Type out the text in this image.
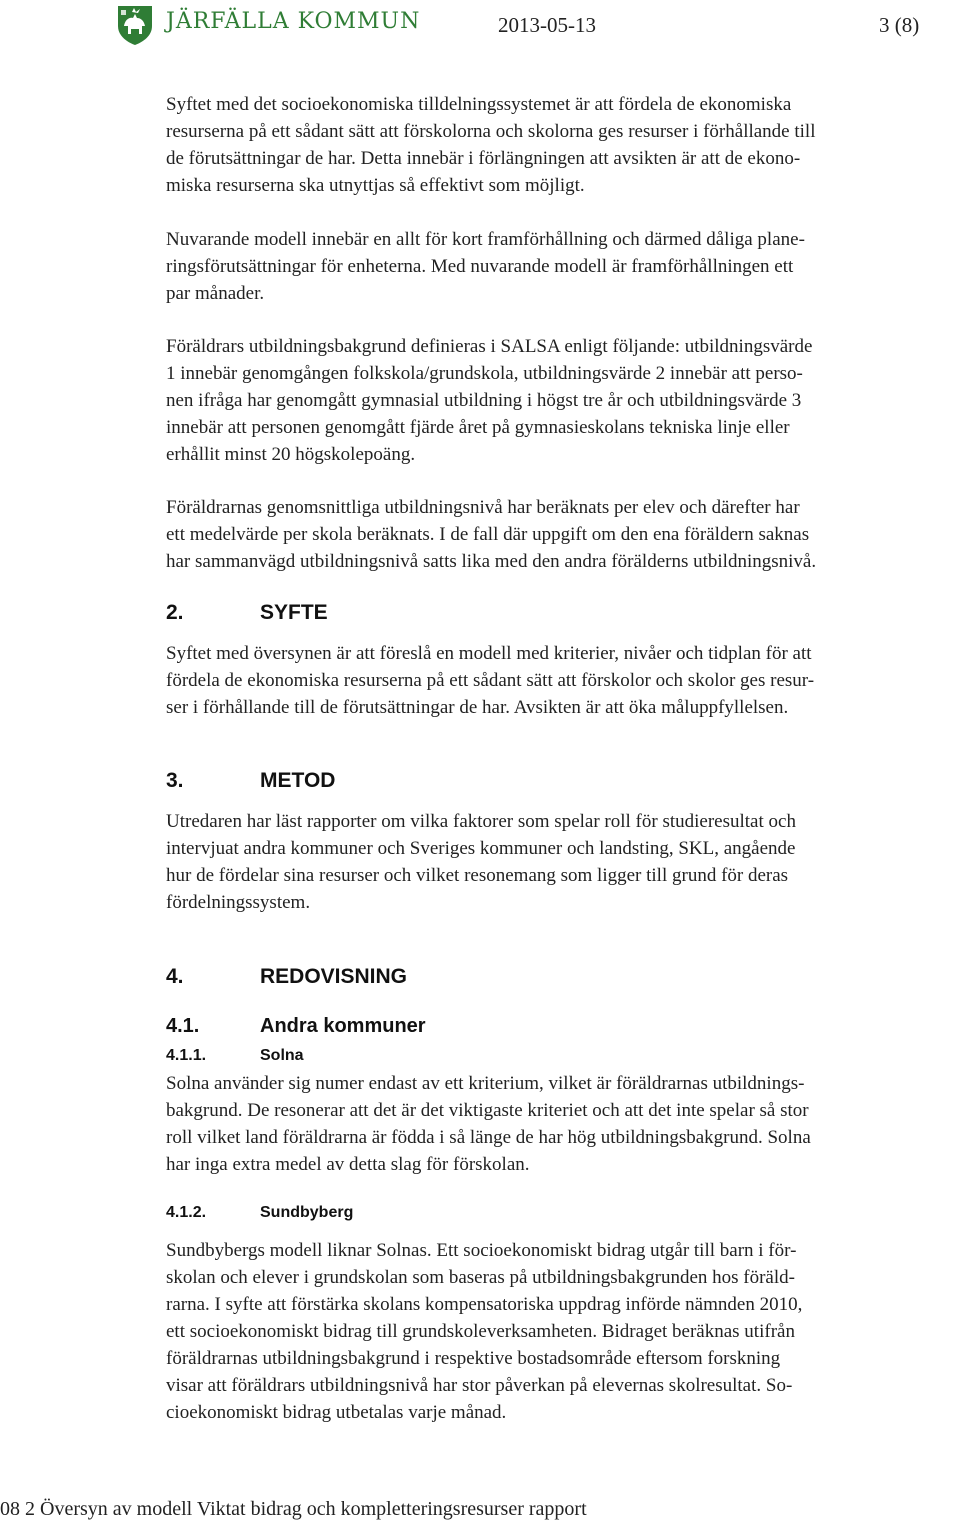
JÄRFÄLLA KOMMUN	2013-05-13	3 (8)
Syftet med det socioekonomiska tilldelningssystemet är att fördela de ekonomiska
resurserna på ett sådant sätt att förskolorna och skolorna ges resurser i förhållande till
de förutsättningar de har. Detta innebär i förlängningen att avsikten är att de ekono-
miska resurserna ska utnyttjas så effektivt som möjligt.
Nuvarande modell innebär en allt för kort framförhållning och därmed dåliga plane-
ringsförutsättningar för enheterna. Med nuvarande modell är framförhållningen ett
par månader.
Föräldrars utbildningsbakgrund definieras i SALSA enligt följande: utbildningsvärde
1 innebär genomgången folkskola/grundskola, utbildningsvärde 2 innebär att perso-
nen ifråga har genomgått gymnasial utbildning i högst tre år och utbildningsvärde 3
innebär att personen genomgått fjärde året på gymnasieskolans tekniska linje eller
erhållit minst 20 högskolepoäng.
Föräldrarnas genomsnittliga utbildningsnivå har beräknats per elev och därefter har
ett medelvärde per skola beräknats. I de fall där uppgift om den ena föräldern saknas
har sammanvägd utbildningsnivå satts lika med den andra förälderns utbildningsnivå.
2.	SYFTE
Syftet med översynen är att föreslå en modell med kriterier, nivåer och tidplan för att
fördela de ekonomiska resurserna på ett sådant sätt att förskolor och skolor ges resur-
ser i förhållande till de förutsättningar de har. Avsikten är att öka måluppfyllelsen.
3.	METOD
Utredaren har läst rapporter om vilka faktorer som spelar roll för studieresultat och
intervjuat andra kommuner och Sveriges kommuner och landsting, SKL, angående
hur de fördelar sina resurser och vilket resonemang som ligger till grund för deras
fördelningssystem.
4.	REDOVISNING
4.1.	Andra kommuner
4.1.1.	Solna
Solna använder sig numer endast av ett kriterium, vilket är föräldrarnas utbildnings-
bakgrund. De resonerar att det är det viktigaste kriteriet och att det inte spelar så stor
roll vilket land föräldrarna är födda i så länge de har hög utbildningsbakgrund. Solna
har inga extra medel av detta slag för förskolan.
4.1.2.	Sundbyberg
Sundbybergs modell liknar Solnas. Ett socioekonomiskt bidrag utgår till barn i för-
skolan och elever i grundskolan som baseras på utbildningsbakgrunden hos föräld-
rarna. I syfte att förstärka skolans kompensatoriska uppdrag införde nämnden 2010,
ett socioekonomiskt bidrag till grundskoleverksamheten. Bidraget beräknas utifrån
föräldrarnas utbildningsbakgrund i respektive bostadsområde eftersom forskning
visar att föräldrars utbildningsnivå har stor påverkan på elevernas skolresultat. So-
cioekonomiskt bidrag utbetalas varje månad.
08 2 Översyn av modell Viktat bidrag och kompletteringsresurser rapport
